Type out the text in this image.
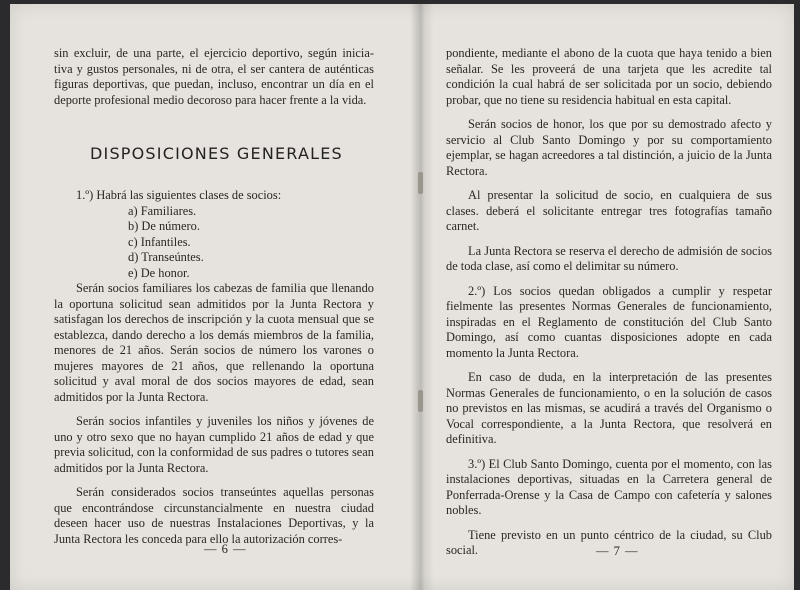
sin excluir, de una parte, el ejercicio deportivo, según inicia-

tiva y gustos personales, ni de otra, el ser cantera de auténticas

figuras deportivas, que puedan, incluso, encontrar un día en el

deporte profesional medio decoroso para hacer frente a la vida.

DISPOSICIONES GENERALES

1.º) Habrá las siguientes clases de socios:

a) Familiares.
b) De número.
c) Infantiles.
d) Transeúntes.
e) De honor.

Serán socios familiares los cabezas de familia que llenando la oportuna solicitud sean admitidos por la Junta Rectora y satisfagan los derechos de inscripción y la cuota mensual que se establezca, dando derecho a los demás miembros de la familia, menores de 21 años. Serán socios de número los varones o mujeres mayores de 21 años, que rellenando la oportuna solicitud y aval moral de dos socios mayores de edad, sean admitidos por la Junta Rectora.

Serán socios infantiles y juveniles los niños y jóvenes de uno y otro sexo que no hayan cumplido 21 años de edad y que previa solicitud, con la conformidad de sus padres o tutores sean admitidos por la Junta Rectora.

Serán considerados socios transeúntes aquellas personas que encontrándose circunstancialmente en nuestra ciudad deseen hacer uso de nuestras Instalaciones Deportivas, y la Junta Rectora les conceda para ello la autorización corres-

— 6 —

pondiente, mediante el abono de la cuota que haya tenido a bien señalar. Se les proveerá de una tarjeta que les acredite tal condición la cual habrá de ser solicitada por un socio, debiendo probar, que no tiene su residencia habitual en esta capital.

Serán socios de honor, los que por su demostrado afecto y servicio al Club Santo Domingo y por su comportamiento ejemplar, se hagan acreedores a tal distinción, a juicio de la Junta Rectora.

Al presentar la solicitud de socio, en cualquiera de sus clases. deberá el solicitante entregar tres fotografías tamaño carnet.

La Junta Rectora se reserva el derecho de admisión de socios de toda clase, así como el delimitar su número.

2.º) Los socios quedan obligados a cumplir y respetar fielmente las presentes Normas Generales de funcionamiento, inspiradas en el Reglamento de constitución del Club Santo Domingo, así como cuantas disposiciones adopte en cada momento la Junta Rectora.

En caso de duda, en la interpretación de las presentes Normas Generales de funcionamiento, o en la solución de casos no previstos en las mismas, se acudirá a través del Organismo o Vocal correspondiente, a la Junta Rectora, que resolverá en definitiva.

3.º) El Club Santo Domingo, cuenta por el momento, con las instalaciones deportivas, situadas en la Carretera general de Ponferrada-Orense y la Casa de Campo con cafetería y salones nobles.

Tiene previsto en un punto céntrico de la ciudad, su Club social.	— 7 —
